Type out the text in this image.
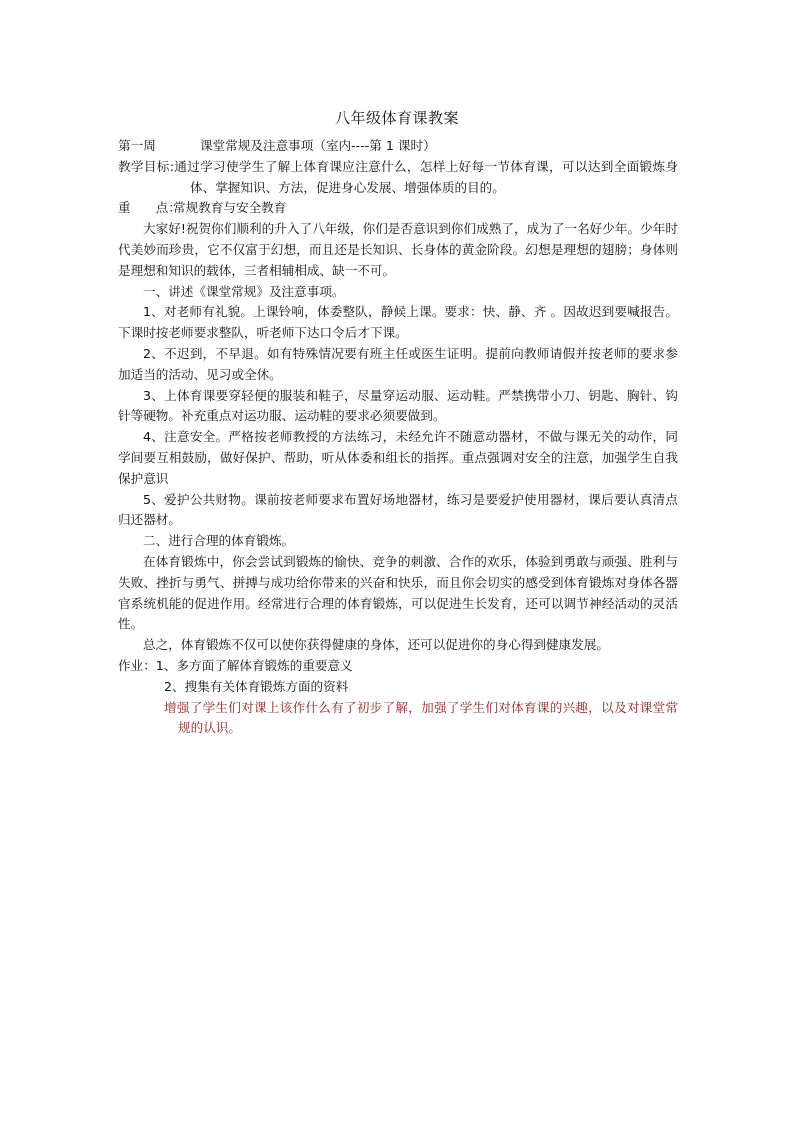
八年级体育课教案
第一周	课堂常规及注意事项（室内----第 1 课时）
教学目标:通过学习使学生了解上体育课应注意什么，怎样上好每一节体育课，可以达到全面锻炼身体、掌握知识、方法，促进身心发展、增强体质的目的。
重　　点：常规教育与安全教育
大家好!祝贺你们顺利的升入了八年级，你们是否意识到你们成熟了，成为了一名好少年。少年时代美妙而珍贵，它不仅富于幻想，而且还是长知识、长身体的黄金阶段。幻想是理想的翅膀；身体则是理想和知识的载体，三者相辅相成、缺一不可。
一、讲述《课堂常规》及注意事项。
1、对老师有礼貌。上课铃响，体委整队，静候上课。要求：快、静、齐 。因故迟到要喊报告。下课时按老师要求整队，听老师下达口令后才下课。
2、不迟到，不早退。如有特殊情况要有班主任或医生证明。提前向教师请假并按老师的要求参加适当的活动、见习或全休。
3、上体育课要穿轻便的服装和鞋子，尽量穿运动服、运动鞋。严禁携带小刀、钥匙、胸针、钩针等硬物。补充重点对运功服、运动鞋的要求必须要做到。
4、注意安全。严格按老师教授的方法练习，未经允许不随意动器材，不做与课无关的动作，同学间要互相鼓励，做好保护、帮助，听从体委和组长的指挥。重点强调对安全的注意，加强学生自我保护意识
5、爱护公共财物。课前按老师要求布置好场地器材，练习是要爱护使用器材，课后要认真清点归还器材。
二、进行合理的体育锻炼。
在体育锻炼中，你会尝试到锻炼的愉快、竞争的刺激、合作的欢乐，体验到勇敢与顽强、胜利与失败、挫折与勇气、拼搏与成功给你带来的兴奋和快乐，而且你会切实的感受到体育锻炼对身体各器官系统机能的促进作用。经常进行合理的体育锻炼，可以促进生长发育，还可以调节神经活动的灵活性。
总之，体育锻炼不仅可以使你获得健康的身体，还可以促进你的身心得到健康发展。
作业：1、多方面了解体育锻炼的重要意义
2、搜集有关体育锻炼方面的资料
增强了学生们对课上该作什么有了初步了解，加强了学生们对体育课的兴趣，以及对课堂常规的认识。
